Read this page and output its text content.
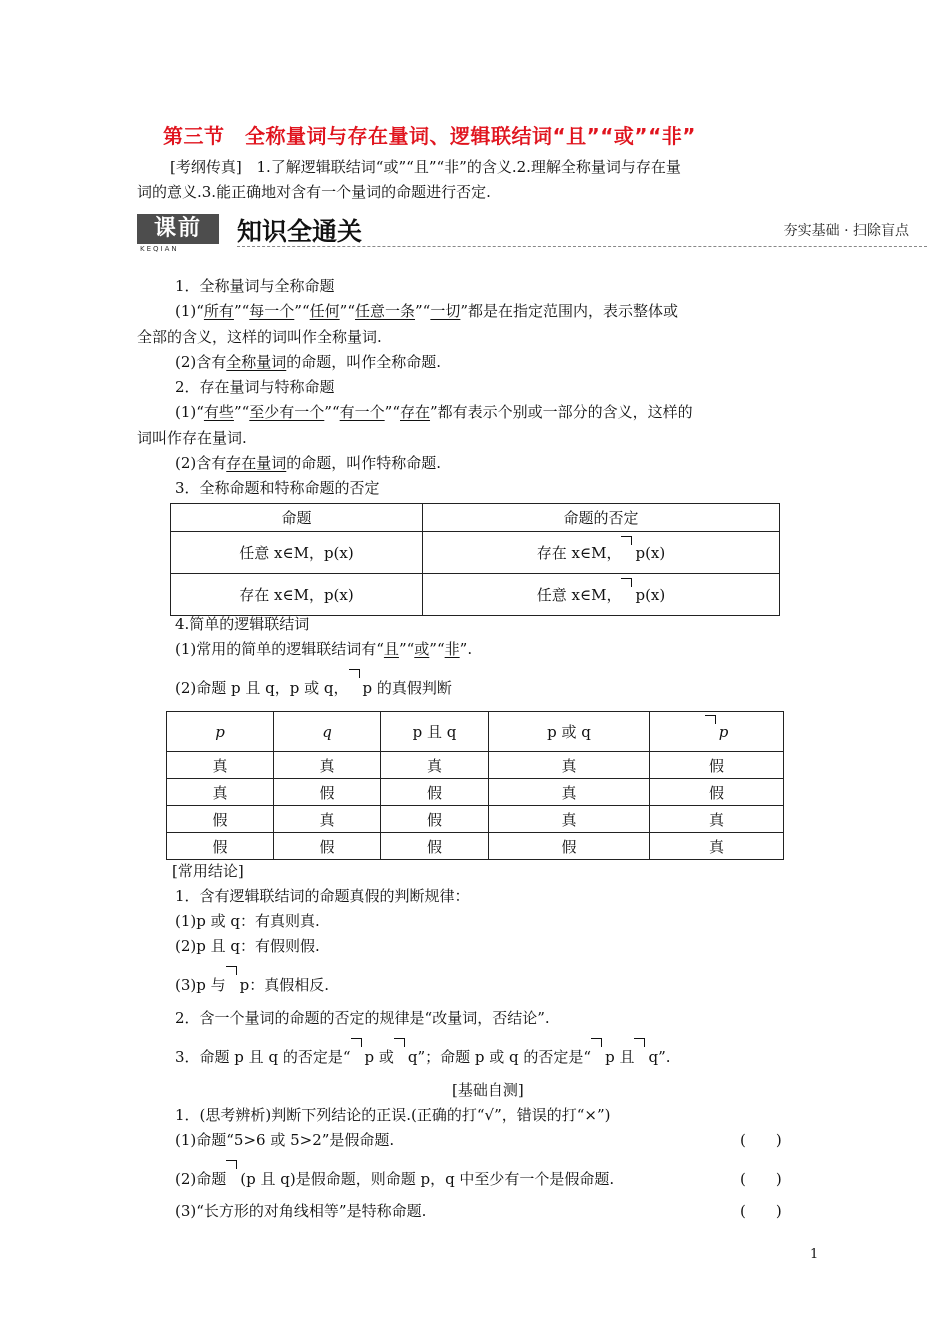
第三节　全称量词与存在量词、逻辑联结词“且”“或”“非”
[考纲传真] 1.了解逻辑联结词“或”“且”“非”的含义.2.理解全称量词与存在量
词的意义.3.能正确地对含有一个量词的命题进行否定.
课前
KEQIAN
知识全通关	夯实基础 · 扫除盲点
1．全称量词与全称命题
(1)“所有”“每一个”“任何”“任意一条”“一切”都是在指定范围内，表示整体或
全部的含义，这样的词叫作全称量词.
(2)含有全称量词的命题，叫作全称命题.
2．存在量词与特称命题
(1)“有些”“至少有一个”“有一个”“存在”都有表示个别或一部分的含义，这样的
词叫作存在量词.
(2)含有存在量词的命题，叫作特称命题.
3．全称命题和特称命题的否定
命题	命题的否定
任意 x∈M，p(x)	存在 x∈M， p(x)
存在 x∈M，p(x)	任意 x∈M， p(x)
4.简单的逻辑联结词
(1)常用的简单的逻辑联结词有“且”“或”“非”.
(2)命题 p 且 q，p 或 q， p 的真假判断
p	q	p 且 q	p 或 q	p
真	真	真	真	假
真	假	假	真	假
假	真	假	真	真
假	假	假	假	真
[常用结论]
1．含有逻辑联结词的命题真假的判断规律：
(1)p 或 q：有真则真.
(2)p 且 q：有假则假.
(3)p 与 p：真假相反.
2．含一个量词的命题的否定的规律是“改量词，否结论”.
3．命题 p 且 q 的否定是“ p 或 q”；命题 p 或 q 的否定是“ p 且 q”.
[基础自测]
1．(思考辨析)判断下列结论的正误.(正确的打“√”，错误的打“×”)
(1)命题“5>6 或 5>2”是假命题.	(　　)
(2)命题 (p 且 q)是假命题，则命题 p，q 中至少有一个是假命题.	(　　)
(3)“长方形的对角线相等”是特称命题.	(　　)
1
